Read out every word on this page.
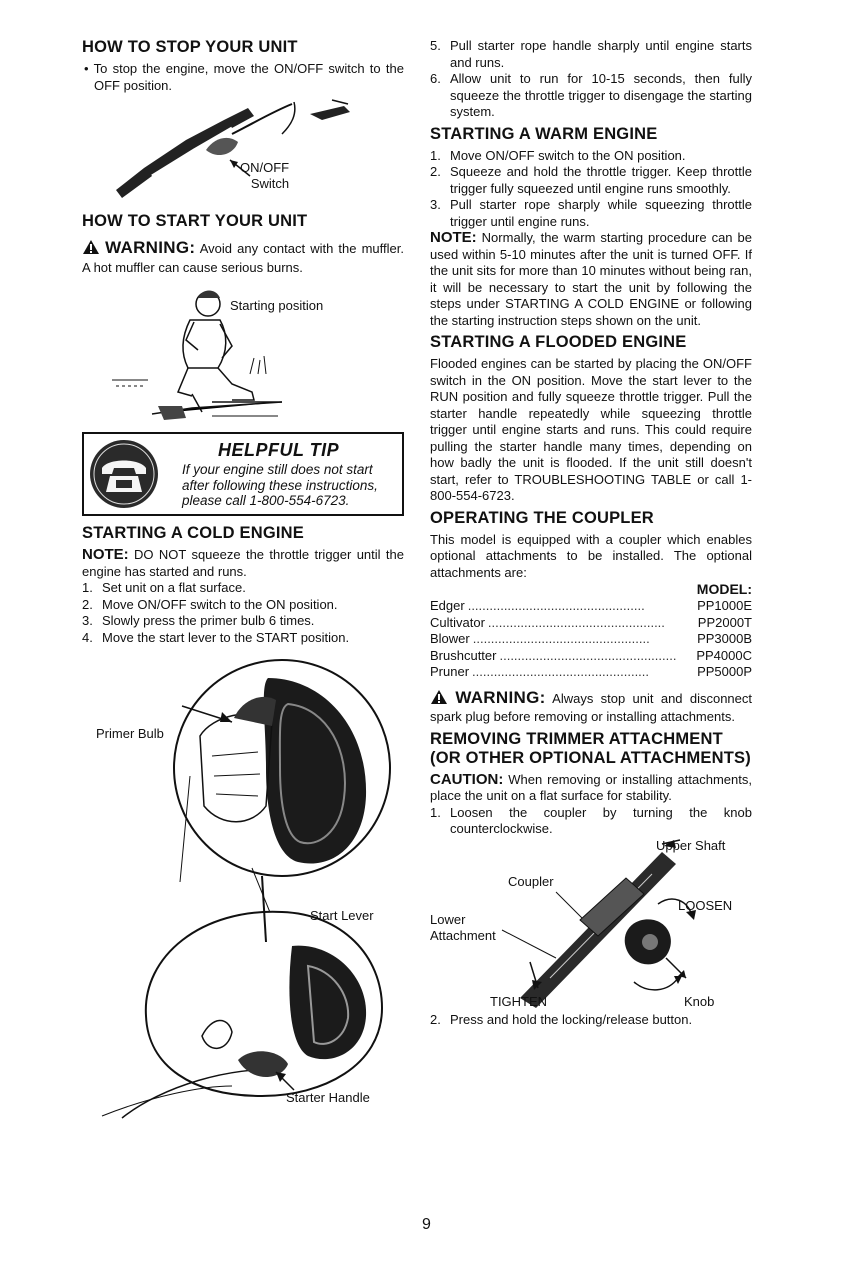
HOW TO STOP YOUR UNIT

• To stop the engine, move the ON/OFF switch to the OFF position.

ON/OFF
Switch
HOW TO START YOUR UNIT

WARNING: Avoid any contact with the muffler. A hot muffler can cause serious burns.

Starting position
HELPFUL TIP
If your engine still does not start after following these instructions, please call 1-800-554-6723.
STARTING A COLD ENGINE

NOTE: DO NOT squeeze the throttle trigger until the engine has started and runs.

1. Set unit on a flat surface.
2. Move ON/OFF switch to the ON position.
3. Slowly press the primer bulb 6 times.
4. Move the start lever to the START position.
Primer Bulb
Start Lever
Starter Handle
5. Pull starter rope handle sharply until engine starts and runs.
6. Allow unit to run for 10-15 seconds, then fully squeeze the throttle trigger to disengage the starting system.
STARTING A WARM ENGINE
1. Move ON/OFF switch to the ON position.
2. Squeeze and hold the throttle trigger. Keep throttle trigger fully squeezed until engine runs smoothly.
3. Pull starter rope sharply while squeezing throttle trigger until engine runs.

NOTE: Normally, the warm starting procedure can be used within 5-10 minutes after the unit is turned OFF. If the unit sits for more than 10 minutes without being ran, it will be necessary to start the unit by following the steps under STARTING A COLD ENGINE or following the starting instruction steps shown on the unit.

STARTING A FLOODED ENGINE

Flooded engines can be started by placing the ON/OFF switch in the ON position. Move the start lever to the RUN position and fully squeeze throttle trigger. Pull the starter handle repeatedly while squeezing throttle trigger until engine starts and runs. This could require pulling the starter handle many times, depending on how badly the unit is flooded. If the unit still doesn't start, refer to TROUBLESHOOTING TABLE or call 1-800-554-6723.

OPERATING THE COUPLER

This model is equipped with a coupler which enables optional attachments to be installed. The optional attachments are:

MODEL:
Edger .................................................	PP1000E
Cultivator .................................................	PP2000T
Blower .................................................	PP3000B
Brushcutter .................................................	PP4000C
Pruner .................................................	PP5000P

WARNING: Always stop unit and disconnect spark plug before removing or installing attachments.

REMOVING TRIMMER ATTACHMENT (OR OTHER OPTIONAL ATTACHMENTS)

CAUTION: When removing or installing attachments, place the unit on a flat surface for stability.

1. Loosen the coupler by turning the knob counterclockwise.
Upper Shaft
Coupler
LOOSEN
Lower
Attachment
TIGHTEN	Knob
2. Press and hold the locking/release button.
9
